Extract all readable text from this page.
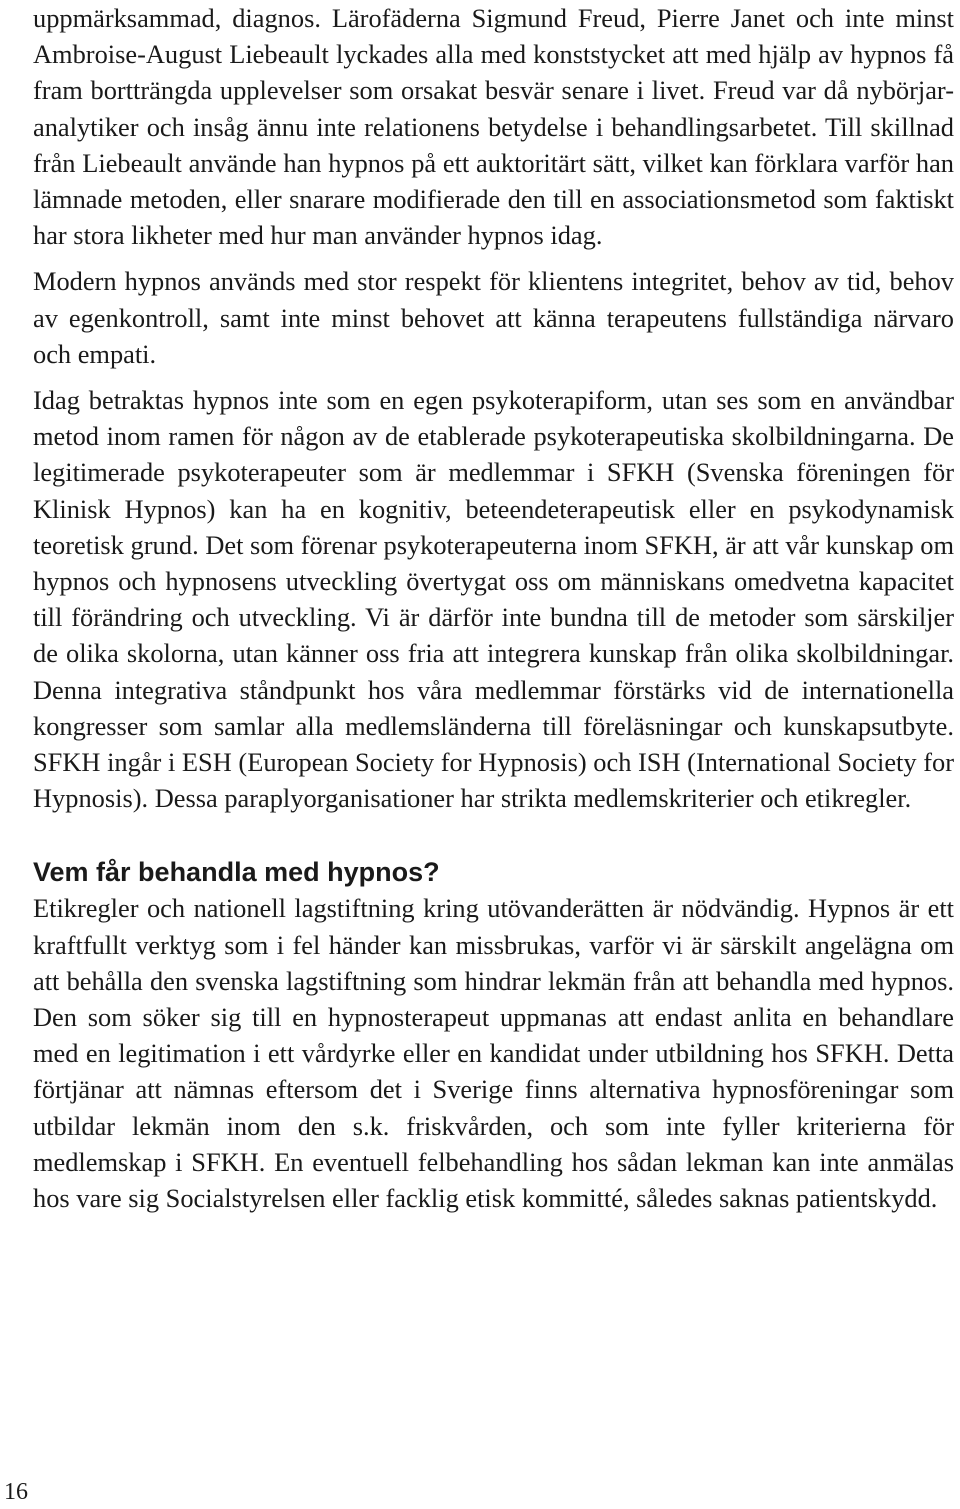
uppmärksammad, diagnos. Lärofäderna Sigmund Freud, Pierre Janet och inte minst Ambroise-August Liebeault lyckades alla med konststycket att med hjälp av hypnos få fram bortträngda upplevelser som orsakat besvär senare i livet. Freud var då nybörjar-analytiker och insåg ännu inte relationens betydelse i behandlingsarbetet. Till skillnad från Liebeault använde han hypnos på ett auktoritärt sätt, vilket kan förklara varför han lämnade metoden, eller snarare modifierade den till en associationsmetod som faktiskt har stora likheter med hur man använder hypnos idag.

Modern hypnos används med stor respekt för klientens integritet, behov av tid, behov av egenkontroll, samt inte minst behovet att känna terapeutens fullständiga närvaro och empati.

Idag betraktas hypnos inte som en egen psykoterapiform, utan ses som en användbar metod inom ramen för någon av de etablerade psykoterapeutiska skolbildningarna. De legitimerade psykoterapeuter som är medlemmar i SFKH (Svenska föreningen för Klinisk Hypnos) kan ha en kognitiv, beteendeterapeutisk eller en psykodynamisk teoretisk grund. Det som förenar psykoterapeuterna inom SFKH, är att vår kunskap om hypnos och hypnosens utveckling övertygat oss om människans omedvetna kapacitet till förändring och utveckling. Vi är därför inte bundna till de metoder som särskiljer de olika skolorna, utan känner oss fria att integrera kunskap från olika skolbildningar. Denna integrativa ståndpunkt hos våra medlemmar förstärks vid de internationella kongresser som samlar alla medlemsländerna till föreläsningar och kunskapsutbyte. SFKH ingår i ESH (European Society for Hypnosis) och ISH (International Society for Hypnosis). Dessa paraplyorganisationer har strikta medlemskriterier och etikregler.

Vem får behandla med hypnos?

Etikregler och nationell lagstiftning kring utövanderätten är nödvändig. Hypnos är ett kraftfullt verktyg som i fel händer kan missbrukas, varför vi är särskilt angelägna om att behålla den svenska lagstiftning som hindrar lekmän från att behandla med hypnos. Den som söker sig till en hypnosterapeut uppmanas att endast anlita en behandlare med en legitimation i ett vårdyrke eller en kandidat under utbildning hos SFKH. Detta förtjänar att nämnas eftersom det i Sverige finns alternativa hypnosföreningar som utbildar lekmän inom den s.k. friskvården, och som inte fyller kriterierna för medlemskap i SFKH. En eventuell felbehandling hos sådan lekman kan inte anmälas hos vare sig Socialstyrelsen eller facklig etisk kommitté, således saknas patientskydd.

16
